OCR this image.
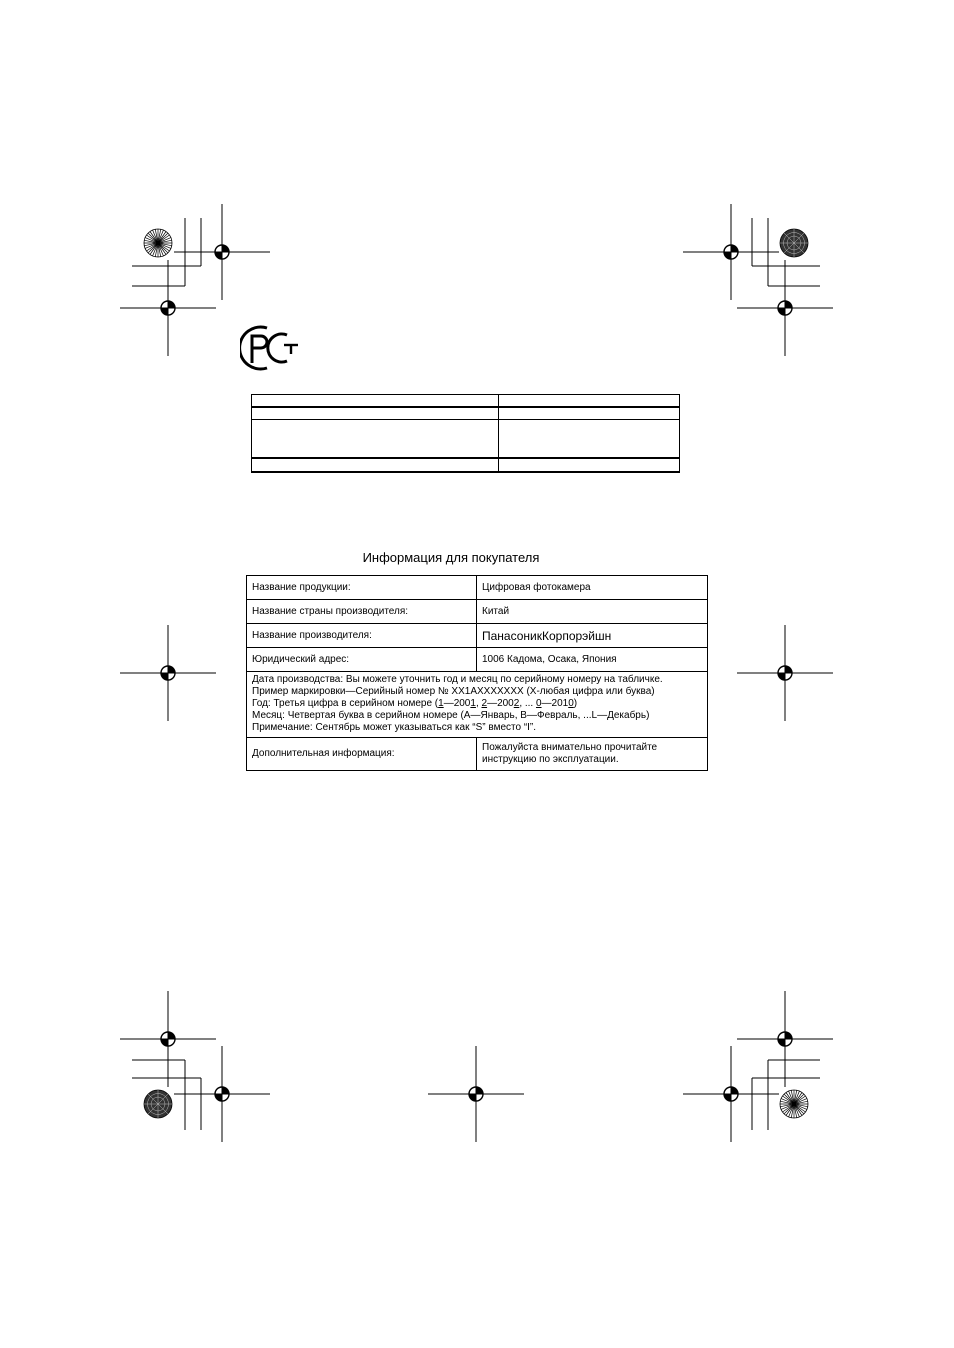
Информация для покупателя
Название продукции:	Цифровая фотокамера
Название страны производителя:	Китай
Название производителя:	ПанасоникКорпорэйшн
Юридический адрес:	1006 Кадома, Осака, Япония

Дата производства: Вы можете уточнить год и месяц по серийному номеру на табличке.
Пример маркировки—Серийный номер № XX1AXXXXXXX (X-любая цифра или буква)
Год: Третья цифра в серийном номере (1—2001, 2—2002, ... 0—2010)
Месяц: Четвертая буква в серийном номере (A—Январь, B—Февраль, ...L—Декабрь)
Примечание: Сентябрь может указываться как “S” вместо “I”.	

Дополнительная информация:	Пожалуйста внимательно прочитайте
инструкцию по эксплуатации.
